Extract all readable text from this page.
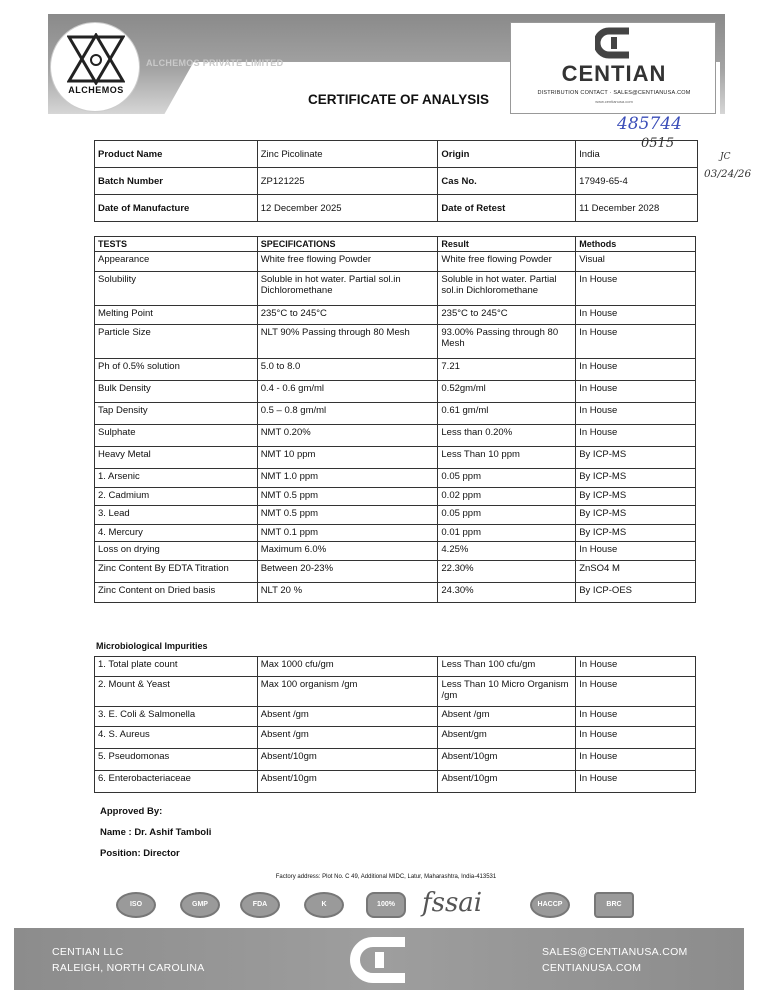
ALCHEMOS
ALCHEMOS PRIVATE LIMITED
CERTIFICATE OF ANALYSIS
CENTIAN
DISTRIBUTION CONTACT · SALES@CENTIANUSA.COM
www.centianusa.com
485744
0515
JC
03/24/26
Product Name	Zinc Picolinate	Origin	India
Batch Number	ZP121225	Cas No.	17949-65-4
Date of Manufacture	12 December 2025	Date of Retest	11 December 2028
TESTS	SPECIFICATIONS	Result	Methods
Appearance	White free flowing Powder	White free flowing Powder	Visual
Solubility	Soluble in hot water. Partial sol.in Dichloromethane	Soluble in hot water. Partial sol.in Dichloromethane	In House
Melting Point	235°C to 245°C	235°C to 245°C	In House
Particle Size	NLT 90% Passing through 80 Mesh	93.00% Passing through 80 Mesh	In House
Ph of 0.5% solution	5.0 to 8.0	7.21	In House
Bulk Density	0.4 - 0.6 gm/ml	0.52gm/ml	In House
Tap Density	0.5 – 0.8 gm/ml	0.61 gm/ml	In House
Sulphate	NMT 0.20%	Less than 0.20%	In House
Heavy Metal	NMT 10 ppm	Less Than 10 ppm	By ICP-MS
1. Arsenic	NMT 1.0 ppm	0.05 ppm	By ICP-MS
2. Cadmium	NMT 0.5 ppm	0.02 ppm	By ICP-MS
3. Lead	NMT 0.5 ppm	0.05 ppm	By ICP-MS
4. Mercury	NMT 0.1 ppm	0.01 ppm	By ICP-MS
Loss on drying	Maximum 6.0%	4.25%	In House
Zinc Content By EDTA Titration	Between 20-23%	22.30%	ZnSO4 M
Zinc Content on Dried basis	NLT 20 %	24.30%	By ICP-OES
Microbiological Impurities
1. Total plate count	Max 1000 cfu/gm	Less Than 100 cfu/gm	In House
2. Mount & Yeast	Max 100 organism /gm	Less Than 10 Micro Organism /gm	In House
3. E. Coli & Salmonella	Absent /gm	Absent /gm	In House
4. S. Aureus	Absent /gm	Absent/gm	In House
5. Pseudomonas	Absent/10gm	Absent/10gm	In House
6. Enterobacteriaceae	Absent/10gm	Absent/10gm	In House
Approved By:
Name : Dr. Ashif Tamboli
Position: Director
Factory address: Plot No. C 49, Additional MIDC, Latur, Maharashtra, India-413531
ISO	GMP	FDA	K	100%	fssai	HACCP	BRC
CENTIAN LLC
RALEIGH, NORTH CAROLINA
SALES@CENTIANUSA.COM
CENTIANUSA.COM
